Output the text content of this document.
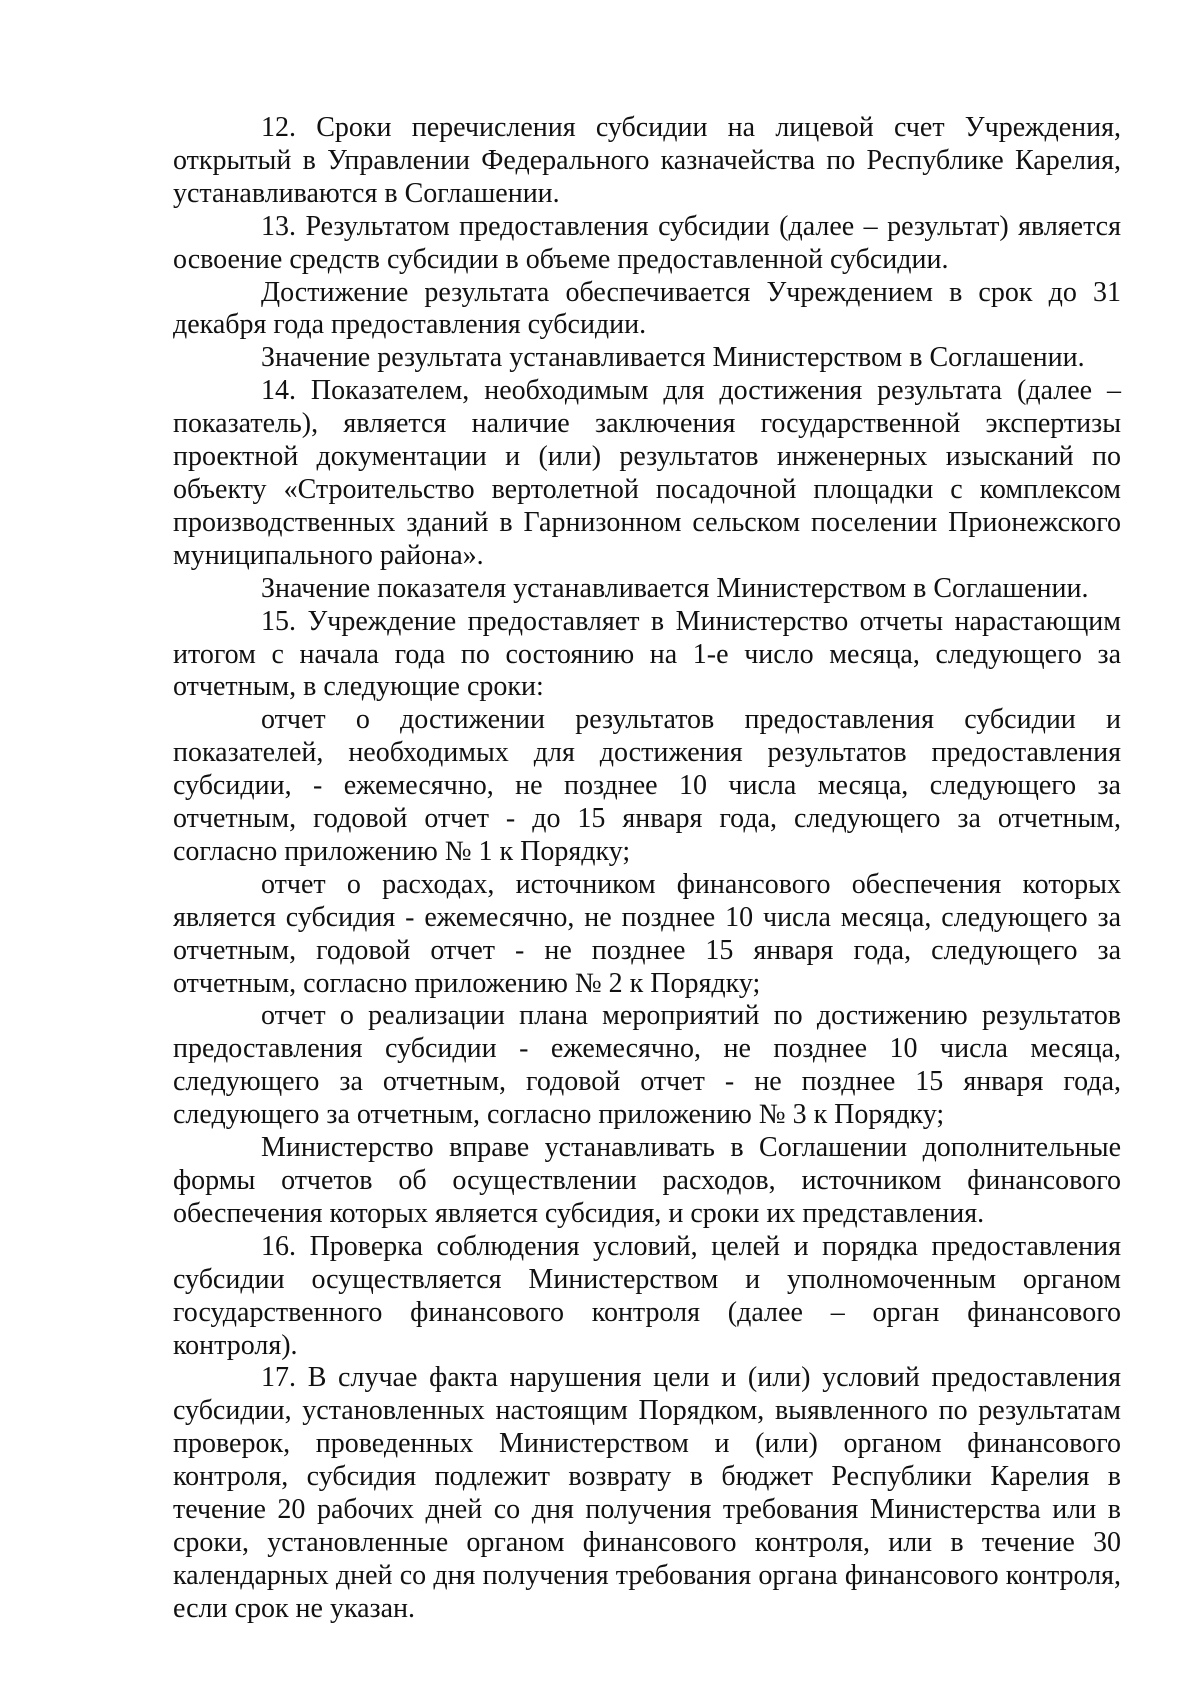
12. Сроки перечисления субсидии на лицевой счет Учреждения, открытый в Управлении Федерального казначейства по Республике Карелия, устанавливаются в Соглашении.

13. Результатом предоставления субсидии (далее – результат) является освоение средств субсидии в объеме предоставленной субсидии.

Достижение результата обеспечивается Учреждением в срок до 31 декабря года предоставления субсидии.

Значение результата устанавливается Министерством в Соглашении.

14. Показателем, необходимым для достижения результата (далее – показатель), является наличие заключения государственной экспертизы проектной документации и (или) результатов инженерных изысканий по объекту «Строительство вертолетной посадочной площадки с комплексом производственных зданий в Гарнизонном сельском поселении Прионежского муниципального района».

Значение показателя устанавливается Министерством в Соглашении.

15. Учреждение предоставляет в Министерство отчеты нарастающим итогом с начала года по состоянию на 1-е число месяца, следующего за отчетным, в следующие сроки:

отчет о достижении результатов предоставления субсидии и показателей, необходимых для достижения результатов предоставления субсидии, - ежемесячно, не позднее 10 числа месяца, следующего за отчетным, годовой отчет - до 15 января года, следующего за отчетным, согласно приложению № 1 к Порядку;

отчет о расходах, источником финансового обеспечения которых является субсидия - ежемесячно, не позднее 10 числа месяца, следующего за отчетным, годовой отчет - не позднее 15 января года, следующего за отчетным, согласно приложению № 2 к Порядку;

отчет о реализации плана мероприятий по достижению результатов предоставления субсидии - ежемесячно, не позднее 10 числа месяца, следующего за отчетным, годовой отчет - не позднее 15 января года, следующего за отчетным, согласно приложению № 3 к Порядку;

Министерство вправе устанавливать в Соглашении дополнительные формы отчетов об осуществлении расходов, источником финансового обеспечения которых является субсидия, и сроки их представления.

16. Проверка соблюдения условий, целей и порядка предоставления субсидии осуществляется Министерством и уполномоченным органом государственного финансового контроля (далее – орган финансового контроля).

17. В случае факта нарушения цели и (или) условий предоставления субсидии, установленных настоящим Порядком, выявленного по результатам проверок, проведенных Министерством и (или) органом финансового контроля, субсидия подлежит возврату в бюджет Республики Карелия в течение 20 рабочих дней со дня получения требования Министерства или в сроки, установленные органом финансового контроля, или в течение 30 календарных дней со дня получения требования органа финансового контроля, если срок не указан.
